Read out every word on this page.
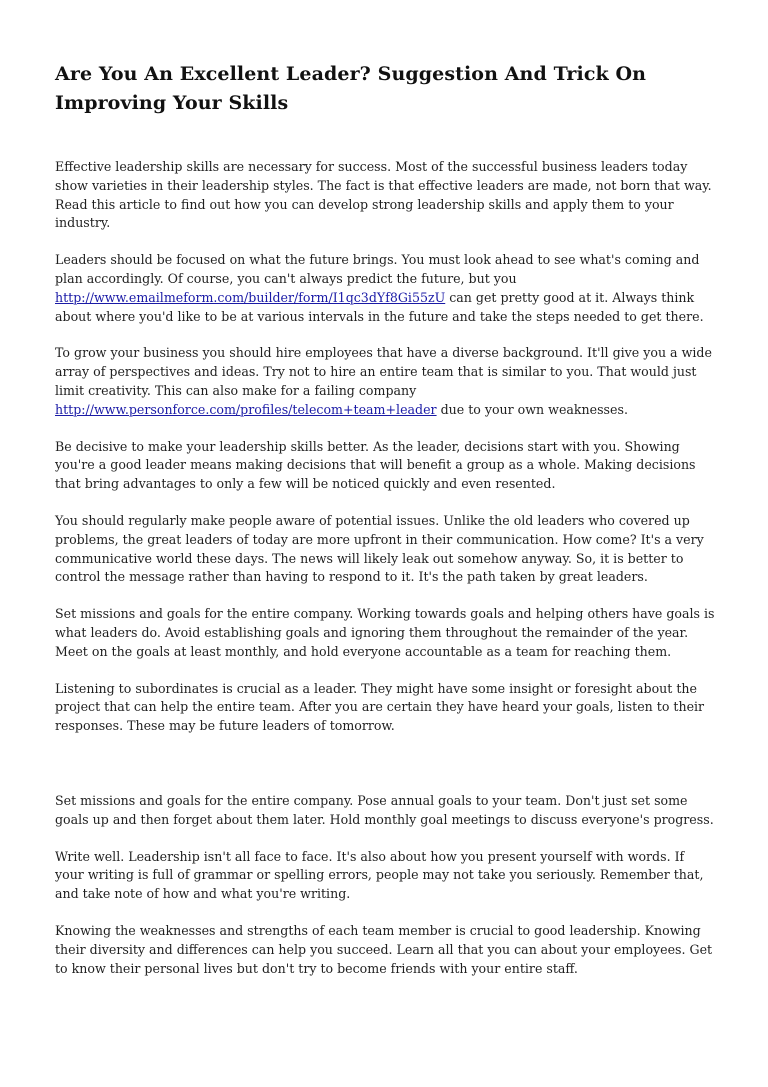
Are You An Excellent Leader? Suggestion And Trick On Improving Your Skills

Effective leadership skills are necessary for success. Most of the successful business leaders today show varieties in their leadership styles. The fact is that effective leaders are made, not born that way. Read this article to find out how you can develop strong leadership skills and apply them to your industry.

Leaders should be focused on what the future brings. You must look ahead to see what's coming and plan accordingly. Of course, you can't always predict the future, but you http://www.emailmeform.com/builder/form/I1qc3dYf8Gi55zU can get pretty good at it. Always think about where you'd like to be at various intervals in the future and take the steps needed to get there.

To grow your business you should hire employees that have a diverse background. It'll give you a wide array of perspectives and ideas. Try not to hire an entire team that is similar to you. That would just limit creativity. This can also make for a failing company http://www.personforce.com/profiles/telecom+team+leader due to your own weaknesses.

Be decisive to make your leadership skills better. As the leader, decisions start with you. Showing you're a good leader means making decisions that will benefit a group as a whole. Making decisions that bring advantages to only a few will be noticed quickly and even resented.

You should regularly make people aware of potential issues. Unlike the old leaders who covered up problems, the great leaders of today are more upfront in their communication. How come? It's a very communicative world these days. The news will likely leak out somehow anyway. So, it is better to control the message rather than having to respond to it. It's the path taken by great leaders.

Set missions and goals for the entire company. Working towards goals and helping others have goals is what leaders do. Avoid establishing goals and ignoring them throughout the remainder of the year. Meet on the goals at least monthly, and hold everyone accountable as a team for reaching them.

Listening to subordinates is crucial as a leader. They might have some insight or foresight about the project that can help the entire team. After you are certain they have heard your goals, listen to their responses. These may be future leaders of tomorrow.

Set missions and goals for the entire company. Pose annual goals to your team. Don't just set some goals up and then forget about them later. Hold monthly goal meetings to discuss everyone's progress.

Write well. Leadership isn't all face to face. It's also about how you present yourself with words. If your writing is full of grammar or spelling errors, people may not take you seriously. Remember that, and take note of how and what you're writing.

Knowing the weaknesses and strengths of each team member is crucial to good leadership. Knowing their diversity and differences can help you succeed. Learn all that you can about your employees. Get to know their personal lives but don't try to become friends with your entire staff.
